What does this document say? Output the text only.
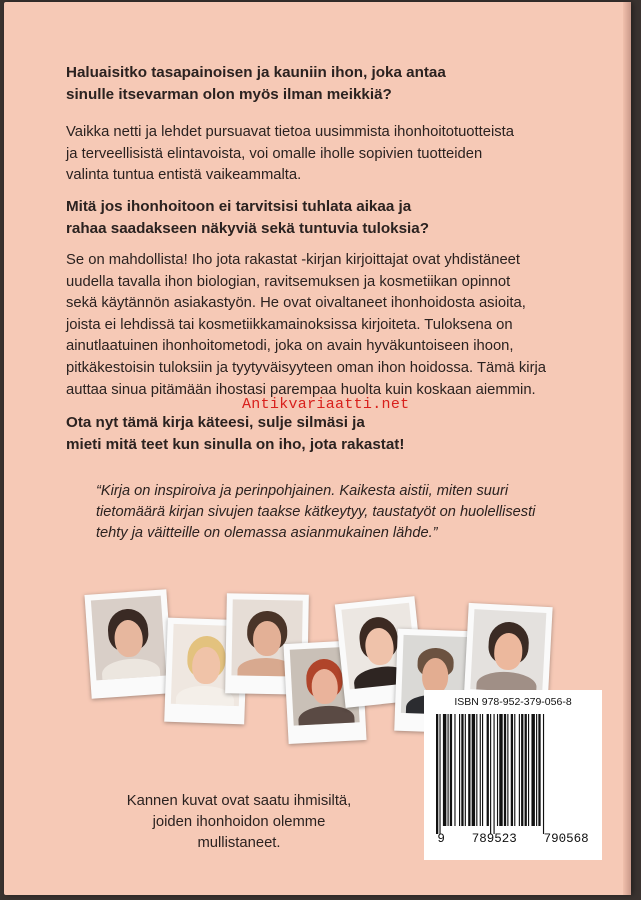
Haluaisitko tasapainoisen ja kauniin ihon, joka antaa
sinulle itsevarman olon myös ilman meikkiä?
Vaikka netti ja lehdet pursuavat tietoa uusimmista ihonhoitotuotteista
ja terveellisistä elintavoista, voi omalle iholle sopivien tuotteiden
valinta tuntua entistä vaikeammalta.
Mitä jos ihonhoitoon ei tarvitsisi tuhlata aikaa ja
rahaa saadakseen näkyviä sekä tuntuvia tuloksia?
Se on mahdollista! Iho jota rakastat -kirjan kirjoittajat ovat yhdistäneet
uudella tavalla ihon biologian, ravitsemuksen ja kosmetiikan opinnot
sekä käytännön asiakastyön. He ovat oivaltaneet ihonhoidosta asioita,
joista ei lehdissä tai kosmetiikkamainoksissa kirjoiteta. Tuloksena on
ainutlaatuinen ihonhoitometodi, joka on avain hyväkuntoiseen ihoon,
pitkäkestoisin tuloksiin ja tyytyväisyyteen oman ihon hoidossa. Tämä kirja
auttaa sinua pitämään ihostasi parempaa huolta kuin koskaan aiemmin.
Antikvariaatti.net
Ota nyt tämä kirja käteesi, sulje silmäsi ja
mieti mitä teet kun sinulla on iho, jota rakastat!
“Kirja on inspiroiva ja perinpohjainen. Kaikesta aistii, miten suuri
tietomäärä kirjan sivujen taakse kätkeytyy, taustatyöt on huolellisesti
tehty ja väitteille on olemassa asianmukainen lähde.”
Kannen kuvat ovat saatu ihmisiltä,
joiden ihonhoidon olemme mullistaneet.
ISBN 978-952-379-056-8
9 789523 790568
